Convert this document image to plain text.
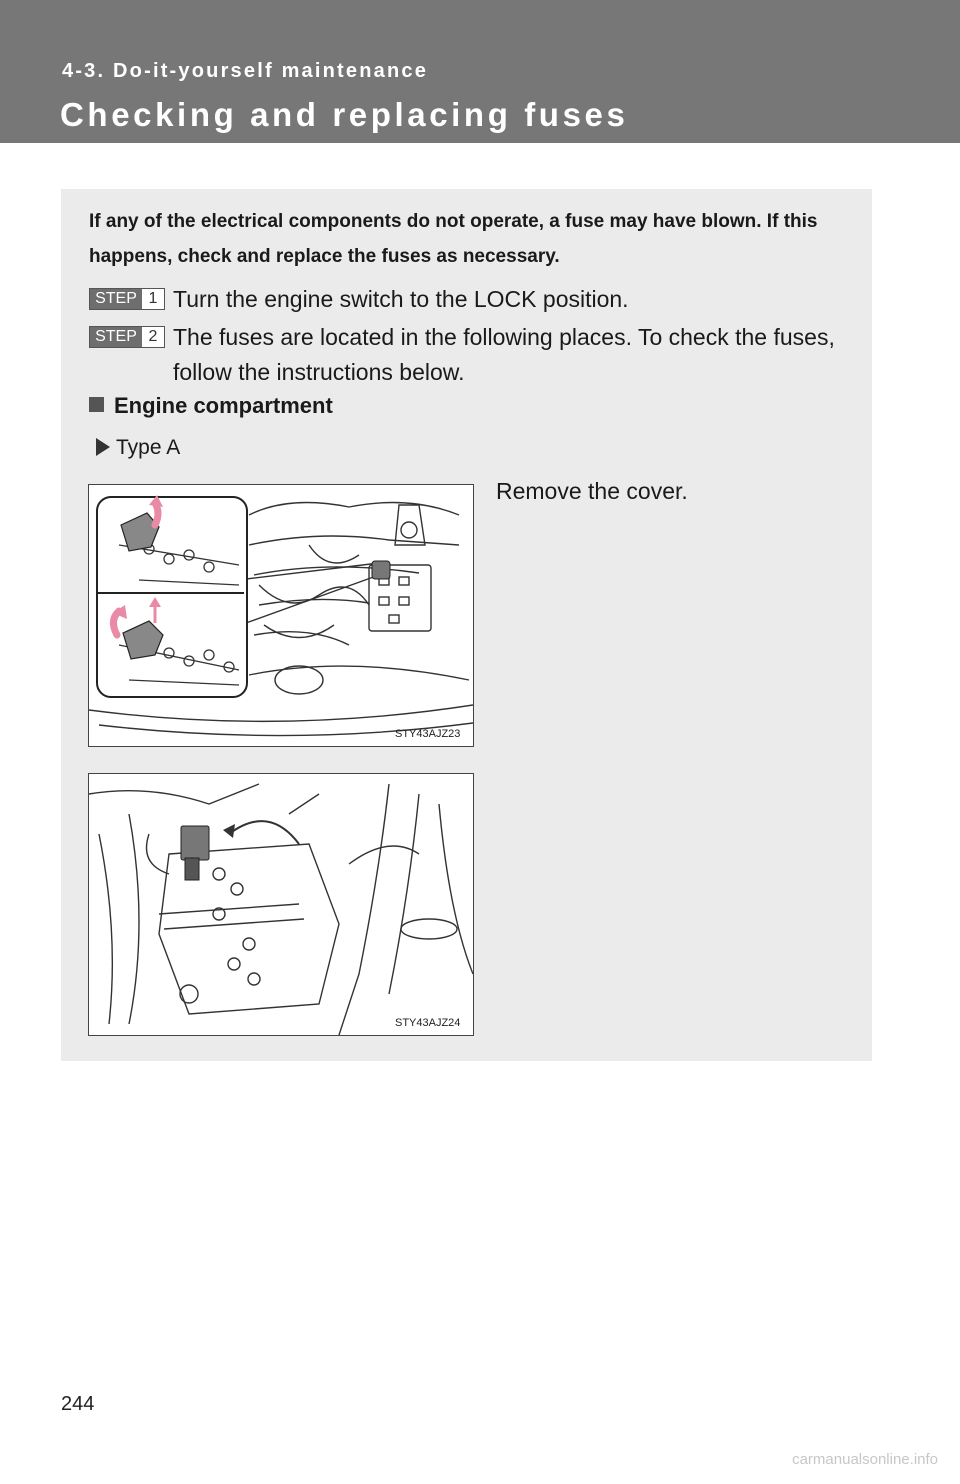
4-3. Do-it-yourself maintenance
Checking and replacing fuses
If any of the electrical components do not operate, a fuse may have blown. If this happens, check and replace the fuses as necessary.
STEP 1 Turn the engine switch to the LOCK position.
STEP 2 The fuses are located in the following places. To check the fuses, follow the instructions below.
Engine compartment
Type A
Remove the cover.
STY43AJZ23
STY43AJZ24
244
carmanualsonline.info
